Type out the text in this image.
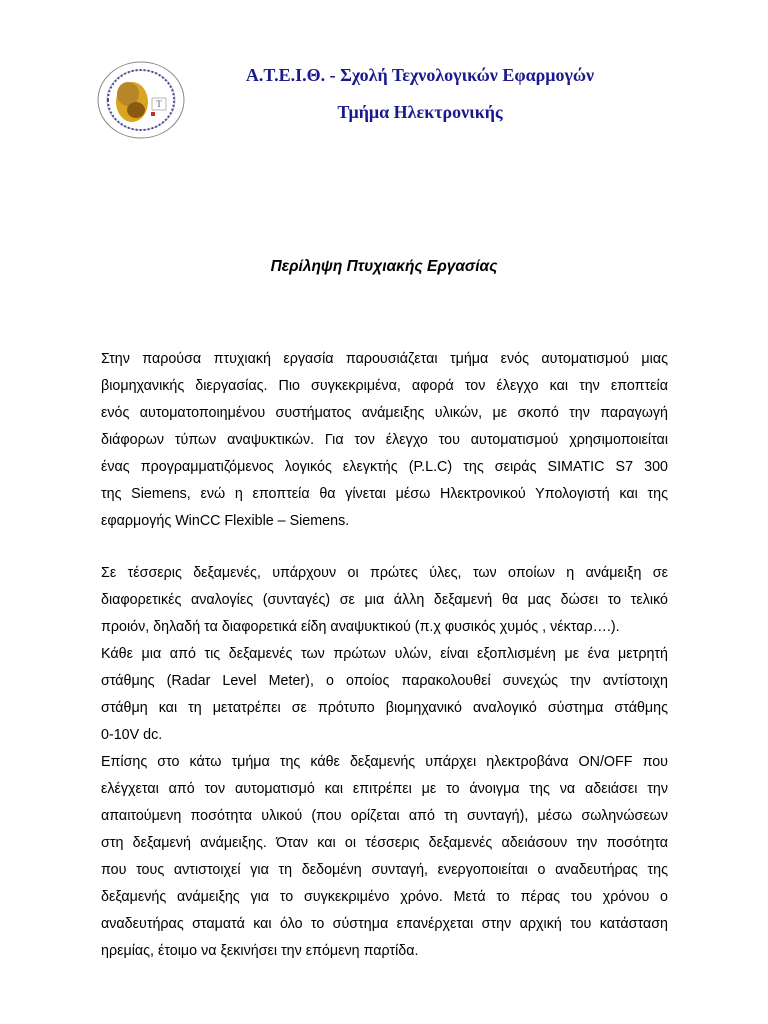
Τ
Α.Τ.Ε.Ι.Θ. - Σχολή Τεχνολογικών Εφαρμογών
Τμήμα Ηλεκτρονικής
Περίληψη Πτυχιακής Εργασίας
Στην παρούσα πτυχιακή εργασία παρουσιάζεται τμήμα ενός αυτοματισμού μιας
βιομηχανικής διεργασίας. Πιο συγκεκριμένα, αφορά τον έλεγχο και την εποπτεία
ενός αυτοματοποιημένου συστήματος ανάμειξης υλικών, με σκοπό την παραγωγή
διάφορων τύπων αναψυκτικών. Για τον έλεγχο του αυτοματισμού χρησιμοποιείται
ένας προγραμματιζόμενος λογικός ελεγκτής (P.L.C) της σειράς SIMATIC S7 300
της Siemens, ενώ η εποπτεία θα γίνεται μέσω Ηλεκτρονικού Υπολογιστή και της
εφαρμογής WinCC Flexible – Siemens.
Σε τέσσερις δεξαμενές, υπάρχουν οι πρώτες ύλες, των οποίων η ανάμειξη σε
διαφορετικές αναλογίες (συνταγές) σε μια άλλη δεξαμενή θα μας δώσει το τελικό
προιόν, δηλαδή τα διαφορετικά είδη αναψυκτικού (π.χ φυσικός χυμός , νέκταρ….).
Κάθε μια από τις δεξαμενές των πρώτων υλών, είναι εξοπλισμένη με ένα μετρητή
στάθμης (Radar Level Meter), ο οποίος παρακολουθεί συνεχώς την αντίστοιχη
στάθμη και τη μετατρέπει σε πρότυπο βιομηχανικό αναλογικό σύστημα στάθμης
0-10V dc.
Επίσης στο κάτω τμήμα της κάθε δεξαμενής υπάρχει ηλεκτροβάνα ON/OFF που
ελέγχεται από τον αυτοματισμό και επιτρέπει με το άνοιγμα της να αδειάσει την
απαιτούμενη ποσότητα υλικού (που ορίζεται από τη συνταγή), μέσω σωληνώσεων
στη δεξαμενή ανάμειξης. Όταν και οι τέσσερις δεξαμενές αδειάσουν την ποσότητα
που τους αντιστοιχεί για τη δεδομένη συνταγή, ενεργοποιείται ο αναδευτήρας της
δεξαμενής ανάμειξης για το συγκεκριμένο χρόνο. Μετά το πέρας του χρόνου ο
αναδευτήρας σταματά και όλο το σύστημα επανέρχεται στην αρχική του κατάσταση
ηρεμίας, έτοιμο να ξεκινήσει την επόμενη παρτίδα.
